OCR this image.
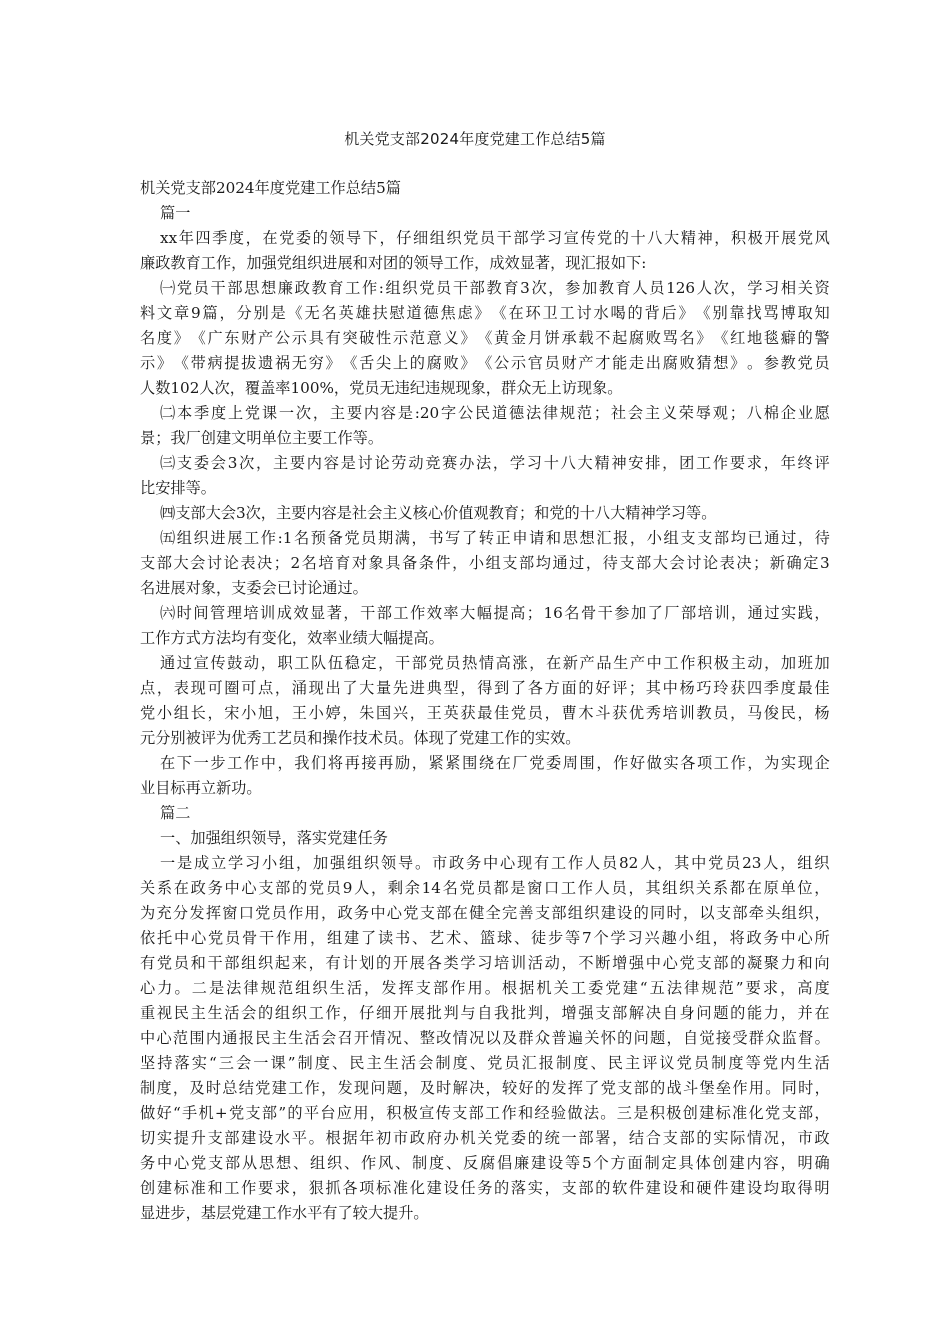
机关党支部2024年度党建工作总结5篇
机关党支部2024年度党建工作总结5篇
篇一
xx 年 四 季 度 ， 在 党 委 的 领 导 下 ， 仔 细 组 织 党 员 干 部 学 习 宣 传 党 的 十 八 大 精 神 ， 积 极 开 展 党 风
廉政教育工作，加强党组织进展和对团的领导工作，成效显著，现汇报如下:
㈠ 党 员 干 部 思 想 廉 政 教 育 工 作 : 组 织 党 员 干 部 教 育 3 次 ， 参 加 教 育 人 员 126 人 次 ， 学 习 相 关 资
料 文 章 9 篇 ， 分 别 是 《 无 名 英 雄 扶 慰 道 德 焦 虑 》 《 在 环 卫 工 讨 水 喝 的 背 后 》 《 别 靠 找 骂 博 取 知
名 度 》 《 广 东 财 产 公 示 具 有 突 破 性 示 范 意 义 》 《 黄 金 月 饼 承 载 不 起 腐 败 骂 名 》 《 红 地 毯 癖 的 警
示 》 《 带 病 提 拔 遗 祸 无 穷 》 《 舌 尖 上 的 腐 败 》 《 公 示 官 员 财 产 才 能 走 出 腐 败 猜 想 》 。 参 教 党 员
人数102人次，覆盖率100%，党员无违纪违规现象，群众无上访现象。
㈡ 本 季 度 上 党 课 一 次 ， 主 要 内 容 是 :20 字 公 民 道 德 法 律 规 范 ； 社 会 主 义 荣 辱 观 ； 八 棉 企 业 愿
景；我厂创建文明单位主要工作等。
㈢ 支 委 会 3 次 ， 主 要 内 容 是 讨 论 劳 动 竞 赛 办 法 ， 学 习 十 八 大 精 神 安 排 ， 团 工 作 要 求 ， 年 终 评
比安排等。
㈣支部大会3次，主要内容是社会主义核心价值观教育；和党的十八大精神学习等。
㈤ 组 织 进 展 工 作 :1 名 预 备 党 员 期 满 ， 书 写 了 转 正 申 请 和 思 想 汇 报 ， 小 组 支 支 部 均 已 通 过 ， 待
支 部 大 会 讨 论 表 决 ； 2 名 培 育 对 象 具 备 条 件 ， 小 组 支 部 均 通 过 ， 待 支 部 大 会 讨 论 表 决 ； 新 确 定 3
名进展对象，支委会已讨论通过。
㈥ 时 间 管 理 培 训 成 效 显 著 ， 干 部 工 作 效 率 大 幅 提 高 ； 16 名 骨 干 参 加 了 厂 部 培 训 ， 通 过 实 践 ，
工作方式方法均有变化，效率业绩大幅提高。
通 过 宣 传 鼓 动 ， 职 工 队 伍 稳 定 ， 干 部 党 员 热 情 高 涨 ， 在 新 产 品 生 产 中 工 作 积 极 主 动 ， 加 班 加
点 ， 表 现 可 圈 可 点 ， 涌 现 出 了 大 量 先 进 典 型 ， 得 到 了 各 方 面 的 好 评 ； 其 中 杨 巧 玲 获 四 季 度 最 佳
党 小 组 长 ， 宋 小 旭 ， 王 小 婷 ， 朱 国 兴 ， 王 英 获 最 佳 党 员 ， 曹 木 斗 获 优 秀 培 训 教 员 ， 马 俊 民 ， 杨
元分别被评为优秀工艺员和操作技术员。体现了党建工作的实效。
在 下 一 步 工 作 中 ， 我 们 将 再 接 再 励 ， 紧 紧 围 绕 在 厂 党 委 周 围 ， 作 好 做 实 各 项 工 作 ， 为 实 现 企
业目标再立新功。
篇二
一、加强组织领导，落实党建任务
一 是 成 立 学 习 小 组 ， 加 强 组 织 领 导 。 市 政 务 中 心 现 有 工 作 人 员 82 人 ， 其 中 党 员 23 人 ， 组 织
关 系 在 政 务 中 心 支 部 的 党 员 9 人 ， 剩 余 14 名 党 员 都 是 窗 口 工 作 人 员 ， 其 组 织 关 系 都 在 原 单 位 ，
为 充 分 发 挥 窗 口 党 员 作 用 ， 政 务 中 心 党 支 部 在 健 全 完 善 支 部 组 织 建 设 的 同 时 ， 以 支 部 牵 头 组 织 ，
依 托 中 心 党 员 骨 干 作 用 ， 组 建 了 读 书 、 艺 术 、 篮 球 、 徒 步 等 7 个 学 习 兴 趣 小 组 ， 将 政 务 中 心 所
有 党 员 和 干 部 组 织 起 来 ， 有 计 划 的 开 展 各 类 学 习 培 训 活 动 ， 不 断 增 强 中 心 党 支 部 的 凝 聚 力 和 向
心 力 。 二 是 法 律 规 范 组 织 生 活 ， 发 挥 支 部 作 用 。 根 据 机 关 工 委 党 建 “ 五 法 律 规 范 ” 要 求 ， 高 度
重 视 民 主 生 活 会 的 组 织 工 作 ， 仔 细 开 展 批 判 与 自 我 批 判 ， 增 强 支 部 解 决 自 身 问 题 的 能 力 ， 并 在
中 心 范 围 内 通 报 民 主 生 活 会 召 开 情 况 、 整 改 情 况 以 及 群 众 普 遍 关 怀 的 问 题 ， 自 觉 接 受 群 众 监 督 。
坚 持 落 实 “ 三 会 一 课 ” 制 度 、 民 主 生 活 会 制 度 、 党 员 汇 报 制 度 、 民 主 评 议 党 员 制 度 等 党 内 生 活
制 度 ， 及 时 总 结 党 建 工 作 ， 发 现 问 题 ， 及 时 解 决 ， 较 好 的 发 挥 了 党 支 部 的 战 斗 堡 垒 作 用 。 同 时 ，
做 好 “ 手 机 + 党 支 部 ” 的 平 台 应 用 ， 积 极 宣 传 支 部 工 作 和 经 验 做 法 。 三 是 积 极 创 建 标 准 化 党 支 部 ，
切 实 提 升 支 部 建 设 水 平 。 根 据 年 初 市 政 府 办 机 关 党 委 的 统 一 部 署 ， 结 合 支 部 的 实 际 情 况 ， 市 政
务 中 心 党 支 部 从 思 想 、 组 织 、 作 风 、 制 度 、 反 腐 倡 廉 建 设 等 5 个 方 面 制 定 具 体 创 建 内 容 ， 明 确
创 建 标 准 和 工 作 要 求 ， 狠 抓 各 项 标 准 化 建 设 任 务 的 落 实 ， 支 部 的 软 件 建 设 和 硬 件 建 设 均 取 得 明
显进步，基层党建工作水平有了较大提升。
